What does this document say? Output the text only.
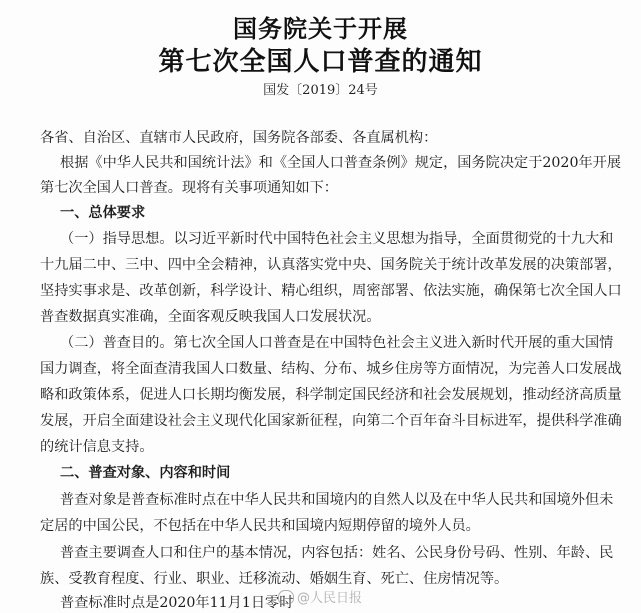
国务院关于开展
第七次全国人口普查的通知
国发〔2019〕24号
各省、自治区、直辖市人民政府，国务院各部委、各直属机构：
根据《中华人民共和国统计法》和《全国人口普查条例》规定，国务院决定于2020年开展
第七次全国人口普查。现将有关事项通知如下：
一、总体要求
（一）指导思想。以习近平新时代中国特色社会主义思想为指导，全面贯彻党的十九大和
十九届二中、三中、四中全会精神，认真落实党中央、国务院关于统计改革发展的决策部署，
坚持实事求是、改革创新，科学设计、精心组织，周密部署、依法实施，确保第七次全国人口
普查数据真实准确，全面客观反映我国人口发展状况。
（二）普查目的。第七次全国人口普查是在中国特色社会主义进入新时代开展的重大国情
国力调查，将全面查清我国人口数量、结构、分布、城乡住房等方面情况，为完善人口发展战
略和政策体系，促进人口长期均衡发展，科学制定国民经济和社会发展规划，推动经济高质量
发展，开启全面建设社会主义现代化国家新征程，向第二个百年奋斗目标进军，提供科学准确
的统计信息支持。
二、普查对象、内容和时间
普查对象是普查标准时点在中华人民共和国境内的自然人以及在中华人民共和国境外但未
定居的中国公民，不包括在中华人民共和国境内短期停留的境外人员。
普查主要调查人口和住户的基本情况，内容包括：姓名、公民身份号码、性别、年龄、民
族、受教育程度、行业、职业、迁移流动、婚姻生育、死亡、住房情况等。
普查标准时点是2020年11月1日零时 @人民日报
